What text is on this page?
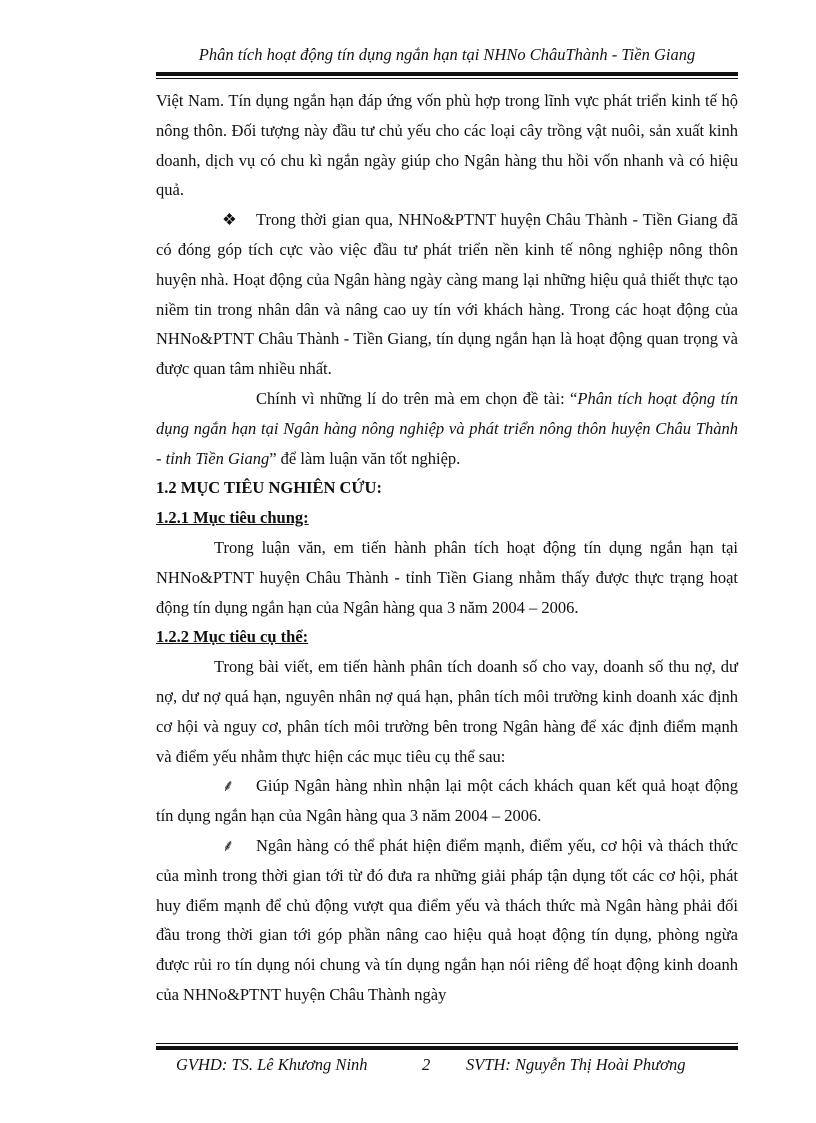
Phân tích hoạt động tín dụng ngắn hạn tại NHNo ChâuThành - Tiền Giang

Việt Nam. Tín dụng ngắn hạn đáp ứng vốn phù hợp trong lĩnh vực phát triển kinh tế hộ nông thôn. Đối tượng này đầu tư chủ yếu cho các loại cây trồng vật nuôi, sản xuất kinh doanh, dịch vụ có chu kì ngắn ngày giúp cho Ngân hàng thu hồi vốn nhanh và có hiệu quả.

❖ Trong thời gian qua, NHNo&PTNT huyện Châu Thành - Tiền Giang đã có đóng góp tích cực vào việc đầu tư phát triển nền kinh tế nông nghiệp nông thôn huyện nhà. Hoạt động của Ngân hàng ngày càng mang lại những hiệu quả thiết thực tạo niềm tin trong nhân dân và nâng cao uy tín với khách hàng. Trong các hoạt động của NHNo&PTNT Châu Thành - Tiền Giang, tín dụng ngắn hạn là hoạt động quan trọng và được quan tâm nhiều nhất.

Chính vì những lí do trên mà em chọn đề tài: “Phân tích hoạt động tín dụng ngắn hạn tại Ngân hàng nông nghiệp và phát triển nông thôn huyện Châu Thành - tỉnh Tiền Giang” để làm luận văn tốt nghiệp.

1.2 MỤC TIÊU NGHIÊN CỨU:

1.2.1 Mục tiêu chung:

Trong luận văn, em tiến hành phân tích hoạt động tín dụng ngắn hạn tại NHNo&PTNT huyện Châu Thành - tỉnh Tiền Giang nhằm thấy được thực trạng hoạt động tín dụng ngắn hạn của Ngân hàng qua 3 năm 2004 – 2006.

1.2.2 Mục tiêu cụ thể:

Trong bài viết, em tiến hành phân tích doanh số cho vay, doanh số thu nợ, dư nợ, dư nợ quá hạn, nguyên nhân nợ quá hạn, phân tích môi trường kinh doanh xác định cơ hội và nguy cơ, phân tích môi trường bên trong Ngân hàng để xác định điểm mạnh và điểm yếu nhằm thực hiện các mục tiêu cụ thể sau:

⸙ Giúp Ngân hàng nhìn nhận lại một cách khách quan kết quả hoạt động tín dụng ngắn hạn của Ngân hàng qua 3 năm 2004 – 2006.

⸙ Ngân hàng có thể phát hiện điểm mạnh, điểm yếu, cơ hội và thách thức của mình trong thời gian tới từ đó đưa ra những giải pháp tận dụng tốt các cơ hội, phát huy điểm mạnh để chủ động vượt qua điểm yếu và thách thức mà Ngân hàng phải đối đầu trong thời gian tới góp phần nâng cao hiệu quả hoạt động tín dụng, phòng ngừa được rủi ro tín dụng nói chung và tín dụng ngắn hạn nói riêng để hoạt động kinh doanh của NHNo&PTNT huyện Châu Thành ngày

GVHD: TS. Lê Khương Ninh	2 SVTH: Nguyễn Thị Hoài Phương
